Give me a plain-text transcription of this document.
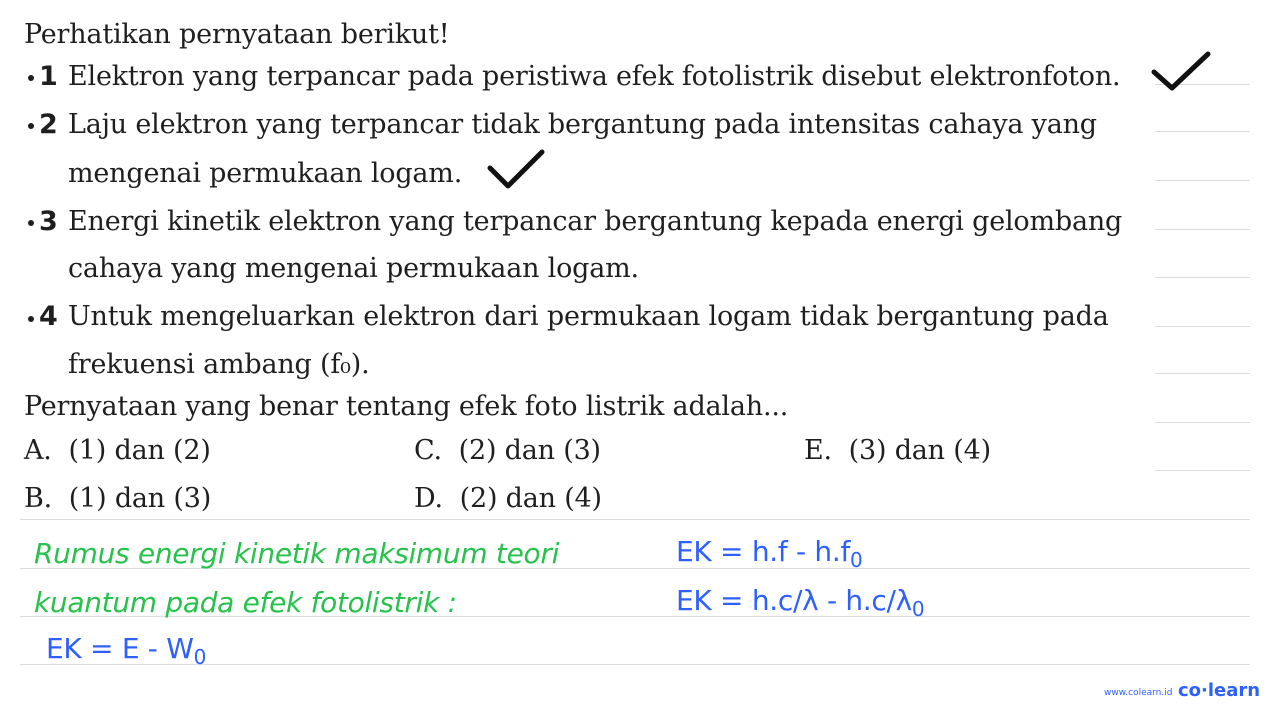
Perhatikan pernyataan berikut!
1 Elektron yang terpancar pada peristiwa efek fotolistrik disebut elektronfoton.
2 Laju elektron yang terpancar tidak bergantung pada intensitas cahaya yang
mengenai permukaan logam.
3 Energi kinetik elektron yang terpancar bergantung kepada energi gelombang
cahaya yang mengenai permukaan logam.
4 Untuk mengeluarkan elektron dari permukaan logam tidak bergantung pada
frekuensi ambang (f₀).
Pernyataan yang benar tentang efek foto listrik adalah...
A. (1) dan (2)
B. (1) dan (3)
C. (2) dan (3)
D. (2) dan (4)
E. (3) dan (4)
Rumus energi kinetik maksimum teori
kuantum pada efek fotolistrik :
EK = E - $W_0$
EK = $h.f - h.f_0$
EK = $h.c/\lambda - h.c/\lambda_0$
www.colearn.id co·learn
